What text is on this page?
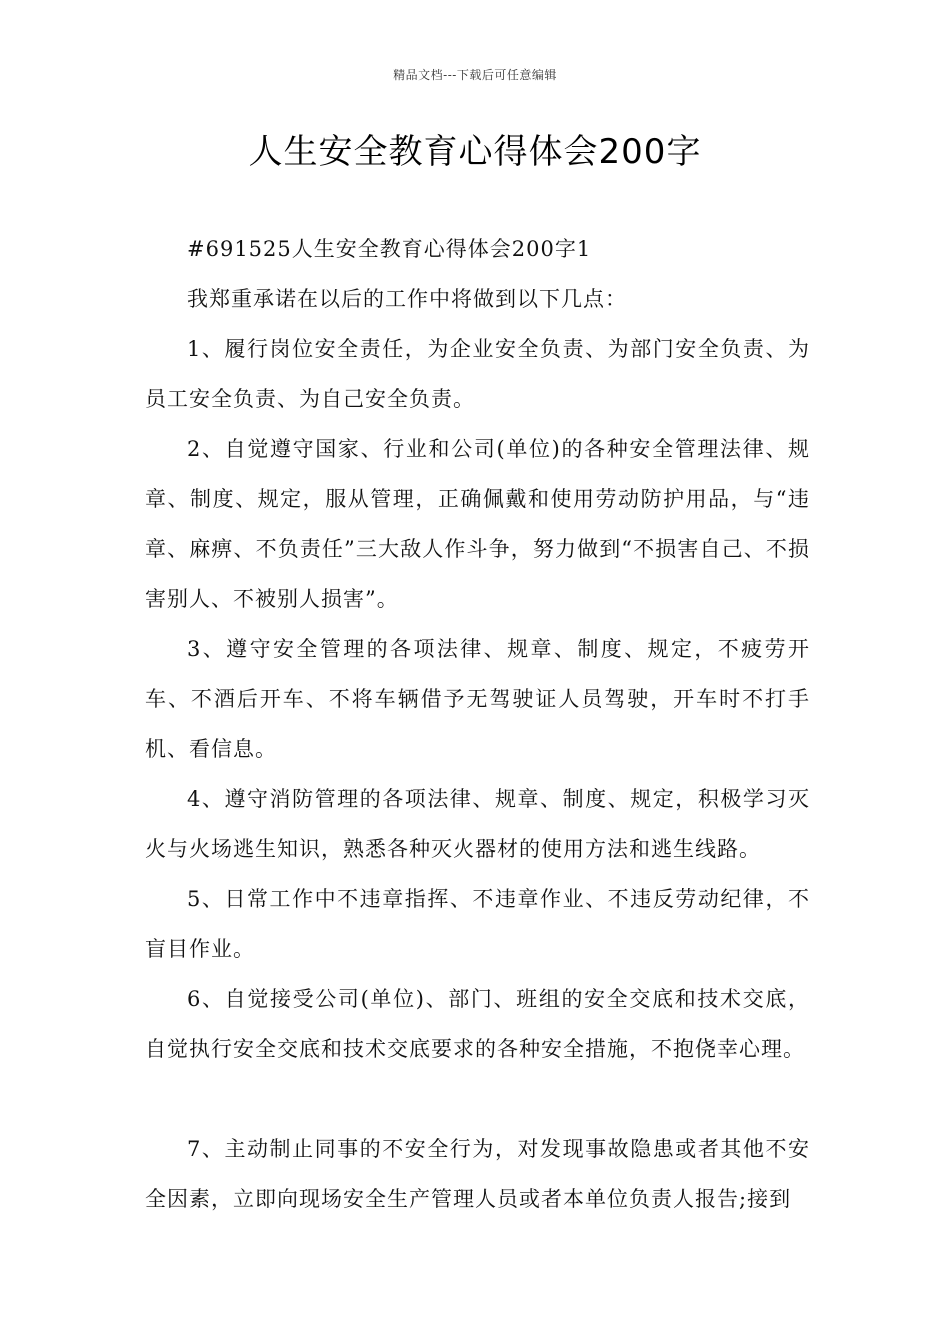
精品文档---下载后可任意编辑
人生安全教育心得体会200字

#691525人生安全教育心得体会200字1

我郑重承诺在以后的工作中将做到以下几点：

1、履行岗位安全责任，为企业安全负责、为部门安全负责、为员工安全负责、为自己安全负责。

2、自觉遵守国家、行业和公司(单位)的各种安全管理法律、规章、制度、规定，服从管理，正确佩戴和使用劳动防护用品，与“违章、麻痹、不负责任”三大敌人作斗争，努力做到“不损害自己、不损害别人、不被别人损害”。

3、遵守安全管理的各项法律、规章、制度、规定，不疲劳开车、不酒后开车、不将车辆借予无驾驶证人员驾驶，开车时不打手机、看信息。

4、遵守消防管理的各项法律、规章、制度、规定，积极学习灭火与火场逃生知识，熟悉各种灭火器材的使用方法和逃生线路。

5、日常工作中不违章指挥、不违章作业、不违反劳动纪律，不盲目作业。

6、自觉接受公司(单位)、部门、班组的安全交底和技术交底，自觉执行安全交底和技术交底要求的各种安全措施，不抱侥幸心理。

7、主动制止同事的不安全行为，对发现事故隐患或者其他不安全因素，立即向现场安全生产管理人员或者本单位负责人报告;接到
